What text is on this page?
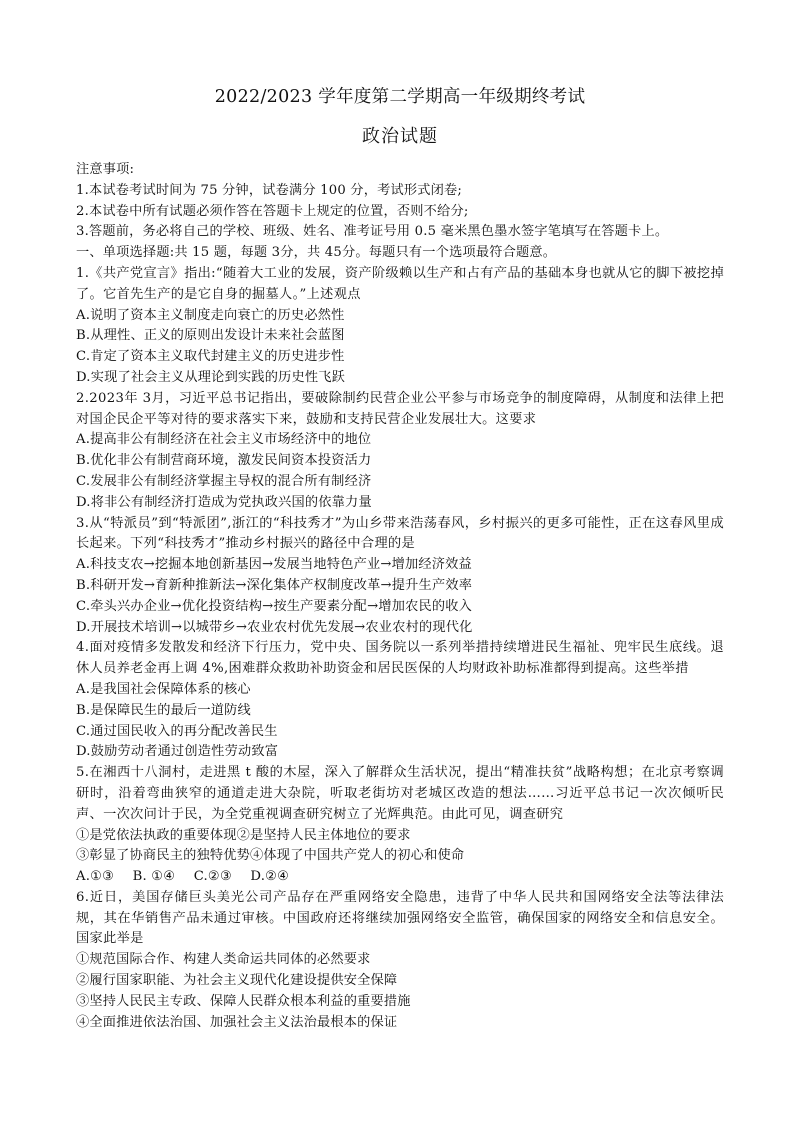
2022/2023 学年度第二学期高一年级期终考试
政治试题

注意事项:

1.本试卷考试时间为 75 分钟，试卷满分 100 分，考试形式闭卷;

2.本试卷中所有试题必须作答在答题卡上规定的位置，否则不给分;

3.答题前，务必将自己的学校、班级、姓名、准考证号用 0.5 毫米黑色墨水签字笔填写在答题卡上。

一、单项选择题:共 15 题，每题 3分，共 45分。每题只有一个选项最符合题意。

1.《共产党宣言》指出:“随着大工业的发展，资产阶级赖以生产和占有产品的基础本身也就从它的脚下被挖掉了。它首先生产的是它自身的掘墓人。”上述观点

A.说明了资本主义制度走向衰亡的历史必然性

B.从理性、正义的原则出发设计未来社会蓝图

C.肯定了资本主义取代封建主义的历史进步性

D.实现了社会主义从理论到实践的历史性飞跃

2.2023年 3月，习近平总书记指出，要破除制约民营企业公平参与市场竞争的制度障碍，从制度和法律上把对国企民企平等对待的要求落实下来，鼓励和支持民营企业发展壮大。这要求

A.提高非公有制经济在社会主义市场经济中的地位

B.优化非公有制营商环境，激发民间资本投资活力

C.发展非公有制经济掌握主导权的混合所有制经济

D.将非公有制经济打造成为党执政兴国的依靠力量

3.从“特派员”到“特派团”,浙江的“科技秀才”为山乡带来浩荡春风，乡村振兴的更多可能性，正在这春风里成长起来。下列“科技秀才”推动乡村振兴的路径中合理的是

A.科技支农→挖掘本地创新基因→发展当地特色产业→增加经济效益

B.科研开发→育新种推新法→深化集体产权制度改革→提升生产效率

C.牵头兴办企业→优化投资结构→按生产要素分配→增加农民的收入

D.开展技术培训→以城带乡→农业农村优先发展→农业农村的现代化

4.面对疫情多发散发和经济下行压力，党中央、国务院以一系列举措持续增进民生福祉、兜牢民生底线。退休人员养老金再上调 4%,困难群众救助补助资金和居民医保的人均财政补助标准都得到提高。这些举措

A.是我国社会保障体系的核心

B.是保障民生的最后一道防线

C.通过国民收入的再分配改善民生

D.鼓励劳动者通过创造性劳动致富

5.在湘西十八洞村，走进黑 t 酸的木屋，深入了解群众生活状况，提出“精准扶贫”战略构想；在北京考察调研时，沿着弯曲狭窄的通道走进大杂院，听取老街坊对老城区改造的想法……习近平总书记一次次倾听民声、一次次问计于民，为全党重视调查研究树立了光辉典范。由此可见，调查研究

①是党依法执政的重要体现②是坚持人民主体地位的要求

③彰显了协商民主的独特优势④体现了中国共产党人的初心和使命

A.①③ B. ①④ C.②③ D.②④

6.近日，美国存储巨头美光公司产品存在严重网络安全隐患，违背了中华人民共和国网络安全法等法律法规，其在华销售产品未通过审核。中国政府还将继续加强网络安全监管，确保国家的网络安全和信息安全。国家此举是

①规范国际合作、构建人类命运共同体的必然要求

②履行国家职能、为社会主义现代化建设提供安全保障

③坚持人民民主专政、保障人民群众根本利益的重要措施

④全面推进依法治国、加强社会主义法治最根本的保证
